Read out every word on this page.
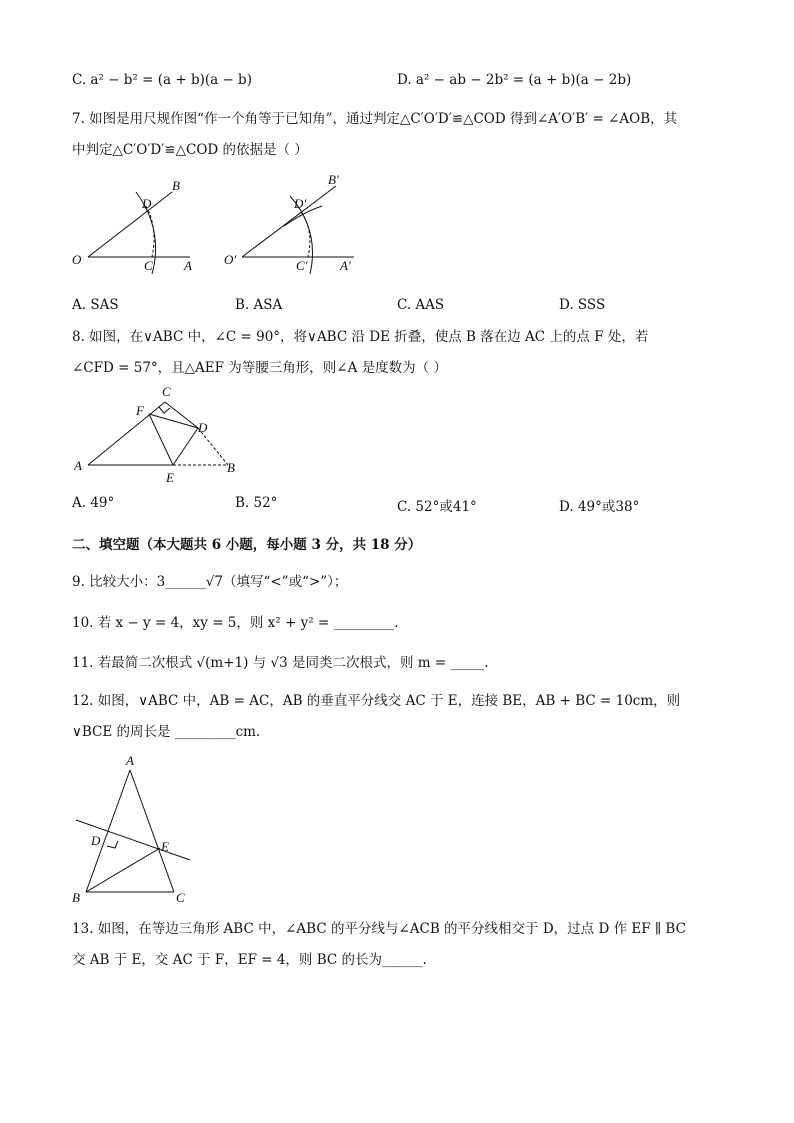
C. a² − b² = (a + b)(a − b)	D. a² − ab − 2b² = (a + b)(a − 2b)
7. 如图是用尺规作图“作一个角等于已知角”，通过判定△C′O′D′≌△COD 得到∠A′O′B′ = ∠AOB，其
中判定△C′O′D′≌△COD 的依据是（ ）
O	C A
D
B
O′	C′ A′
D′
B′
A. SAS	B. ASA	C. AAS	D. SSS
8. 如图，在∨ABC 中，∠C = 90°，将∨ABC 沿 DE 折叠，使点 B 落在边 AC 上的点 F 处，若
∠CFD = 57°，且△AEF 为等腰三角形，则∠A 是度数为（ ）
A
C
F
D
E
B
A. 49°	B. 52°	C. 52°或41°	D. 49°或38°
二、填空题（本大题共 6 小题，每小题 3 分，共 18 分）
9. 比较大小：3______√7（填写“<”或“>”）；
10. 若 x − y = 4，xy = 5，则 x² + y² = _________.
11. 若最简二次根式 √(m+1) 与 √3 是同类二次根式，则 m = _____.
12. 如图，∨ABC 中，AB = AC，AB 的垂直平分线交 AC 于 E，连接 BE，AB + BC = 10cm，则
∨BCE 的周长是 _________cm.
A
D	E
B	C
13. 如图，在等边三角形 ABC 中，∠ABC 的平分线与∠ACB 的平分线相交于 D，过点 D 作 EF ∥ BC
交 AB 于 E，交 AC 于 F，EF = 4，则 BC 的长为______.
